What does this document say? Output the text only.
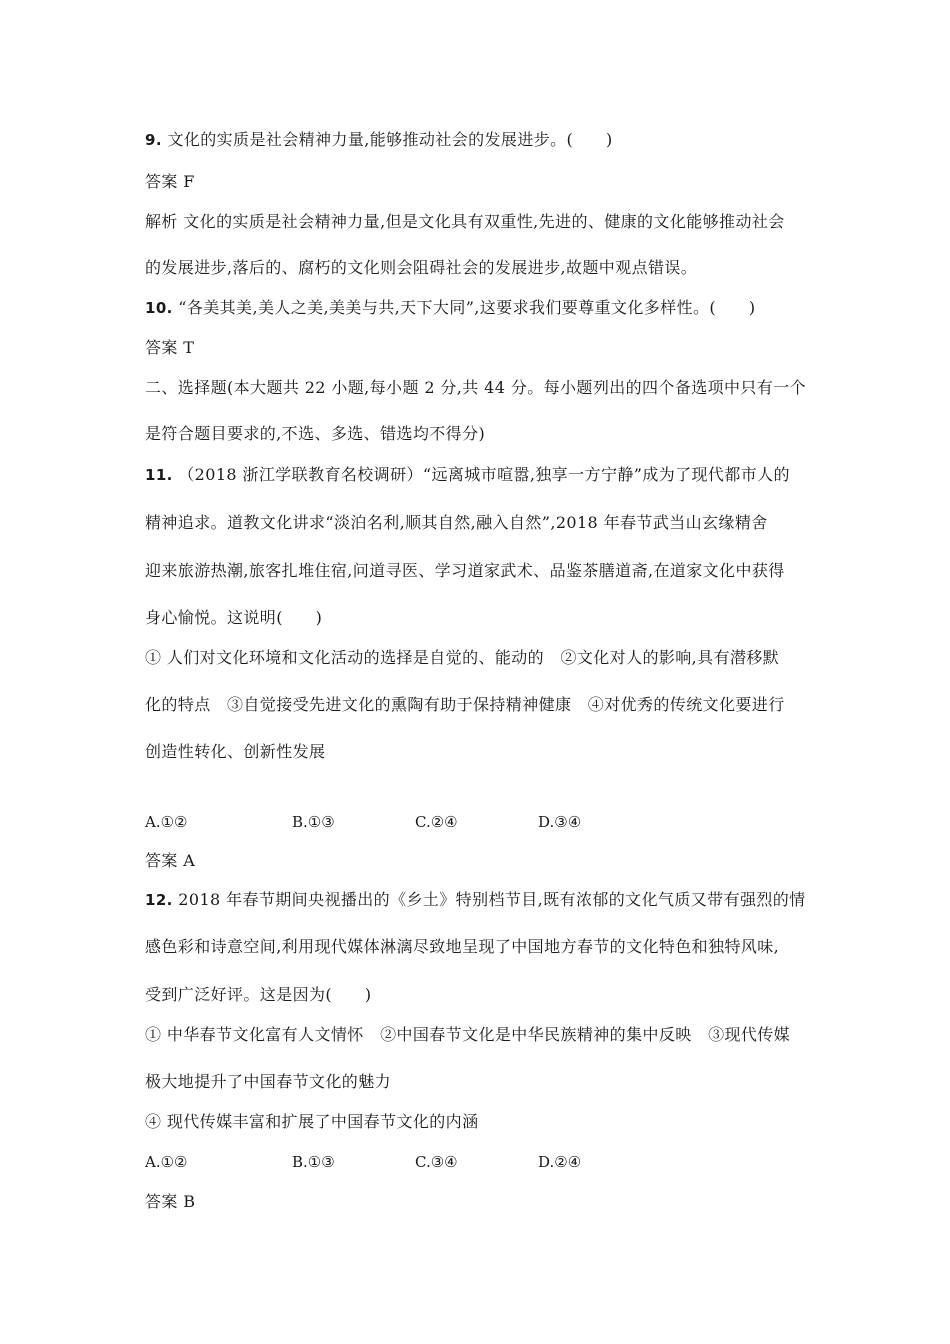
9. 文化的实质是社会精神力量,能够推动社会的发展进步。(　　)
答案 F
解析 文化的实质是社会精神力量,但是文化具有双重性,先进的、健康的文化能够推动社会
的发展进步,落后的、腐朽的文化则会阻碍社会的发展进步,故题中观点错误。
10. “各美其美,美人之美,美美与共,天下大同”,这要求我们要尊重文化多样性。(　　)
答案 T
二、选择题(本大题共 22 小题,每小题 2 分,共 44 分。每小题列出的四个备选项中只有一个
是符合题目要求的,不选、多选、错选均不得分)
11. （2018 浙江学联教育名校调研）“远离城市喧嚣,独享一方宁静”成为了现代都市人的
精神追求。道教文化讲求“淡泊名利,顺其自然,融入自然”,2018 年春节武当山玄缘精舍
迎来旅游热潮,旅客扎堆住宿,问道寻医、学习道家武术、品鉴茶膳道斋,在道家文化中获得
身心愉悦。这说明(　　)
① 人们对文化环境和文化活动的选择是自觉的、能动的　②文化对人的影响,具有潜移默
化的特点　③自觉接受先进文化的熏陶有助于保持精神健康　④对优秀的传统文化要进行
创造性转化、创新性发展
A.①②	B.①③	C.②④	D.③④
答案 A
12. 2018 年春节期间央视播出的《乡土》特别档节目,既有浓郁的文化气质又带有强烈的情
感色彩和诗意空间,利用现代媒体淋漓尽致地呈现了中国地方春节的文化特色和独特风味,
受到广泛好评。这是因为(　　)
① 中华春节文化富有人文情怀　②中国春节文化是中华民族精神的集中反映　③现代传媒
极大地提升了中国春节文化的魅力
④ 现代传媒丰富和扩展了中国春节文化的内涵
A.①②	B.①③	C.③④	D.②④
答案 B
